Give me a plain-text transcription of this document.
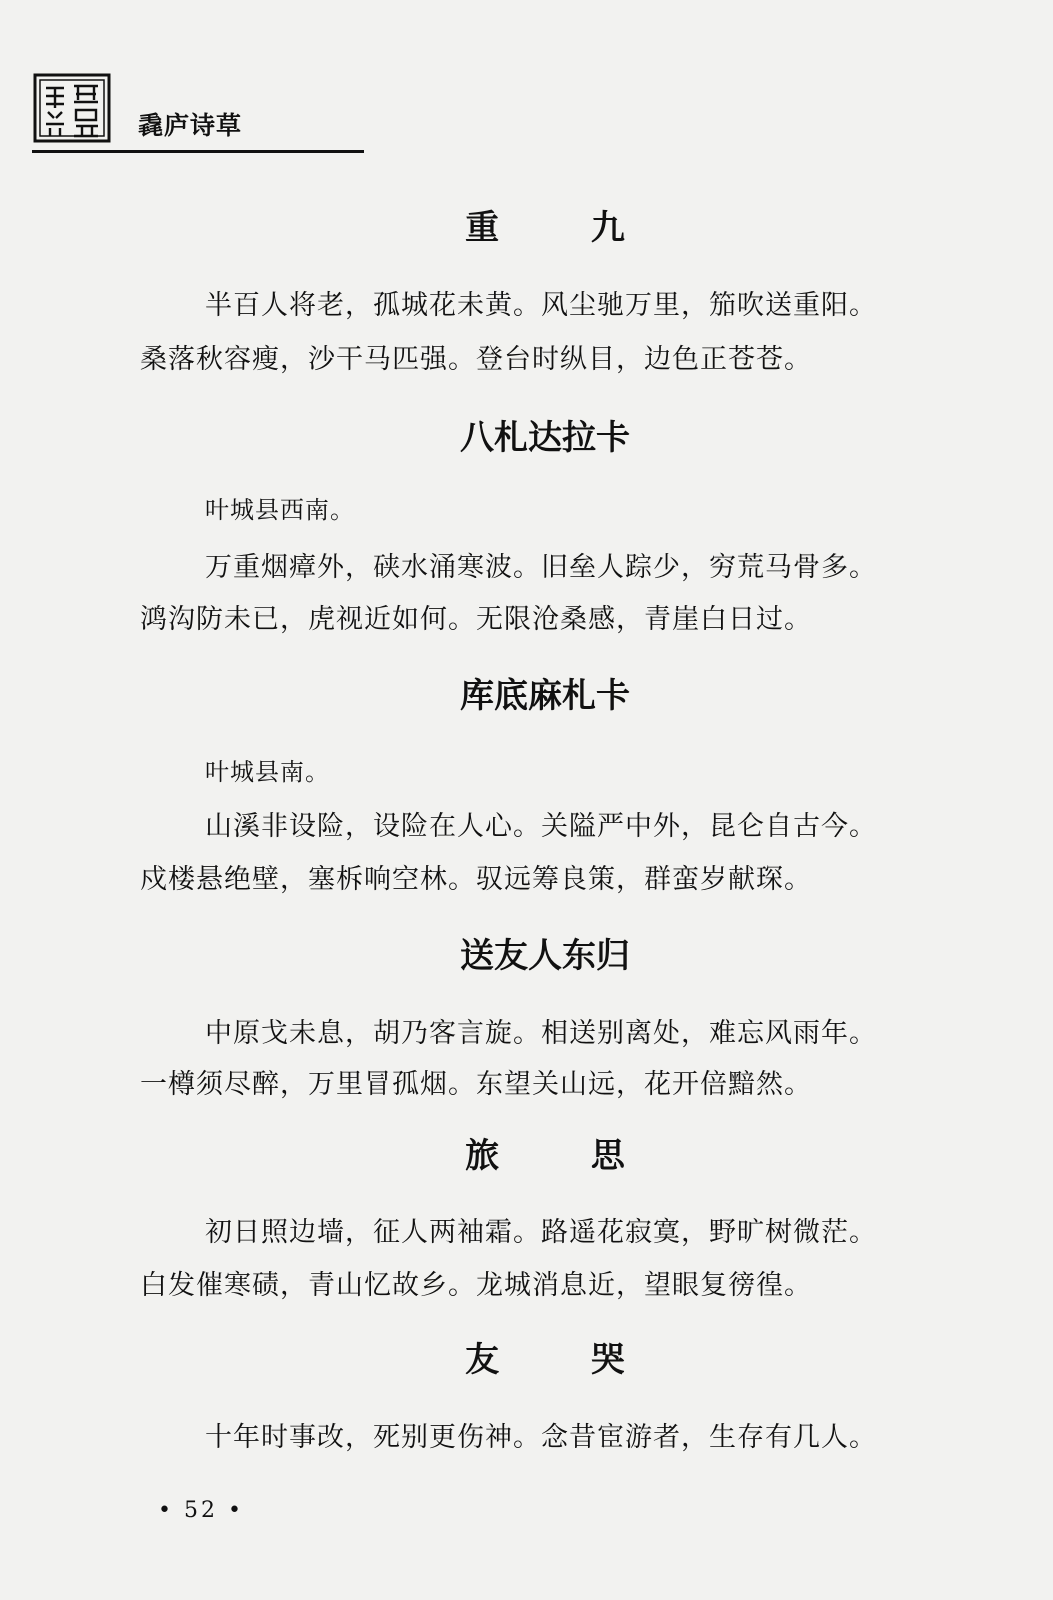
毳庐诗草
重 九

半百人将老，孤城花未黄。风尘驰万里，笳吹送重阳。

桑落秋容瘦，沙干马匹强。登台时纵目，边色正苍苍。

八札达拉卡

叶城县西南。

万重烟瘴外，硖水涌寒波。旧垒人踪少，穷荒马骨多。

鸿沟防未已，虎视近如何。无限沧桑感，青崖白日过。

库底麻札卡

叶城县南。

山溪非设险，设险在人心。关隘严中外，昆仑自古今。

戍楼悬绝壁，塞柝响空林。驭远筹良策，群蛮岁献琛。

送友人东归

中原戈未息，胡乃客言旋。相送别离处，难忘风雨年。

一樽须尽醉，万里冒孤烟。东望关山远，花开倍黯然。

旅 思

初日照边墙，征人两袖霜。路遥花寂寞，野旷树微茫。

白发催寒碛，青山忆故乡。龙城消息近，望眼复徬徨。

友 哭

十年时事改，死别更伤神。念昔宦游者，生存有几人。

• 52 •
